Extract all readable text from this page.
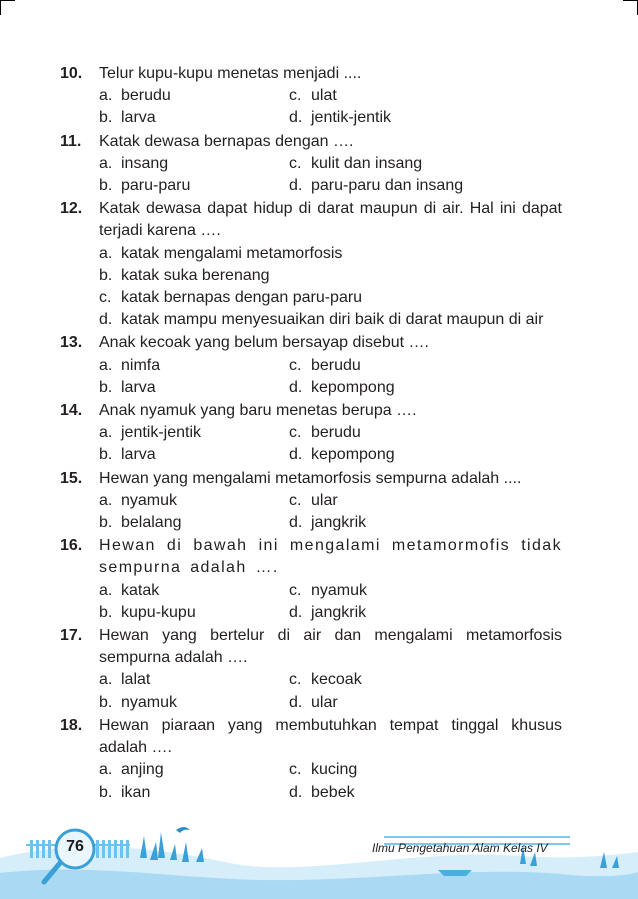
10. Telur kupu-kupu menetas menjadi ....
a. berudu	c. ulat
b. larva	d. jentik-jentik
11. Katak dewasa bernapas dengan ….
a. insang	c. kulit dan insang
b. paru-paru	d. paru-paru dan insang
12. Katak dewasa dapat hidup di darat maupun di air. Hal ini dapat terjadi karena ….
a. katak mengalami metamorfosis
b. katak suka berenang
c. katak bernapas dengan paru-paru
d. katak mampu menyesuaikan diri baik di darat maupun di air
13. Anak kecoak yang belum bersayap disebut ….
a. nimfa	c. berudu
b. larva	d. kepompong
14. Anak nyamuk yang baru menetas berupa ….
a. jentik-jentik	c. berudu
b. larva	d. kepompong
15. Hewan yang mengalami metamorfosis sempurna adalah ....
a. nyamuk	c. ular
b. belalang	d. jangkrik
16. Hewan di bawah ini mengalami metamormofis tidak sempurna adalah ….
a. katak	c. nyamuk
b. kupu-kupu	d. jangkrik
17. Hewan yang bertelur di air dan mengalami metamorfosis sempurna adalah ….
a. lalat	c. kecoak
b. nyamuk	d. ular
18. Hewan piaraan yang membutuhkan tempat tinggal khusus adalah ….
a. anjing	c. kucing
b. ikan	d. bebek
76	Ilmu Pengetahuan Alam Kelas IV
